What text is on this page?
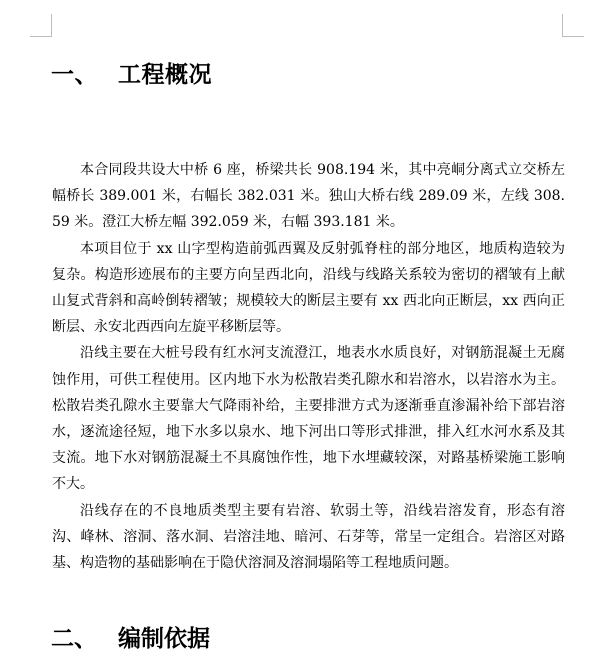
一、 工程概况

本合同段共设大中桥 6 座，桥梁共长 908.194 米，其中亮峒分离式立交桥左幅桥长 389.001 米，右幅长 382.031 米。独山大桥右线 289.09 米，左线 308.59 米。澄江大桥左幅 392.059 米，右幅 393.181 米。

本项目位于 xx 山字型构造前弧西翼及反射弧脊柱的部分地区，地质构造较为复杂。构造形迹展布的主要方向呈西北向，沿线与线路关系较为密切的褶皱有上献山复式背斜和高岭倒转褶皱；规模较大的断层主要有 xx 西北向正断层，xx 西向正断层、永安北西西向左旋平移断层等。

沿线主要在大桩号段有红水河支流澄江，地表水水质良好，对钢筋混凝土无腐蚀作用，可供工程使用。区内地下水为松散岩类孔隙水和岩溶水，以岩溶水为主。松散岩类孔隙水主要靠大气降雨补给，主要排泄方式为逐渐垂直渗漏补给下部岩溶水，逐流途径短，地下水多以泉水、地下河出口等形式排泄，排入红水河水系及其支流。地下水对钢筋混凝土不具腐蚀作性，地下水埋藏较深，对路基桥梁施工影响不大。

沿线存在的不良地质类型主要有岩溶、软弱土等，沿线岩溶发育，形态有溶沟、峰林、溶洞、落水洞、岩溶洼地、暗河、石芽等，常呈一定组合。岩溶区对路基、构造物的基础影响在于隐伏溶洞及溶洞塌陷等工程地质问题。

二、 编制依据
